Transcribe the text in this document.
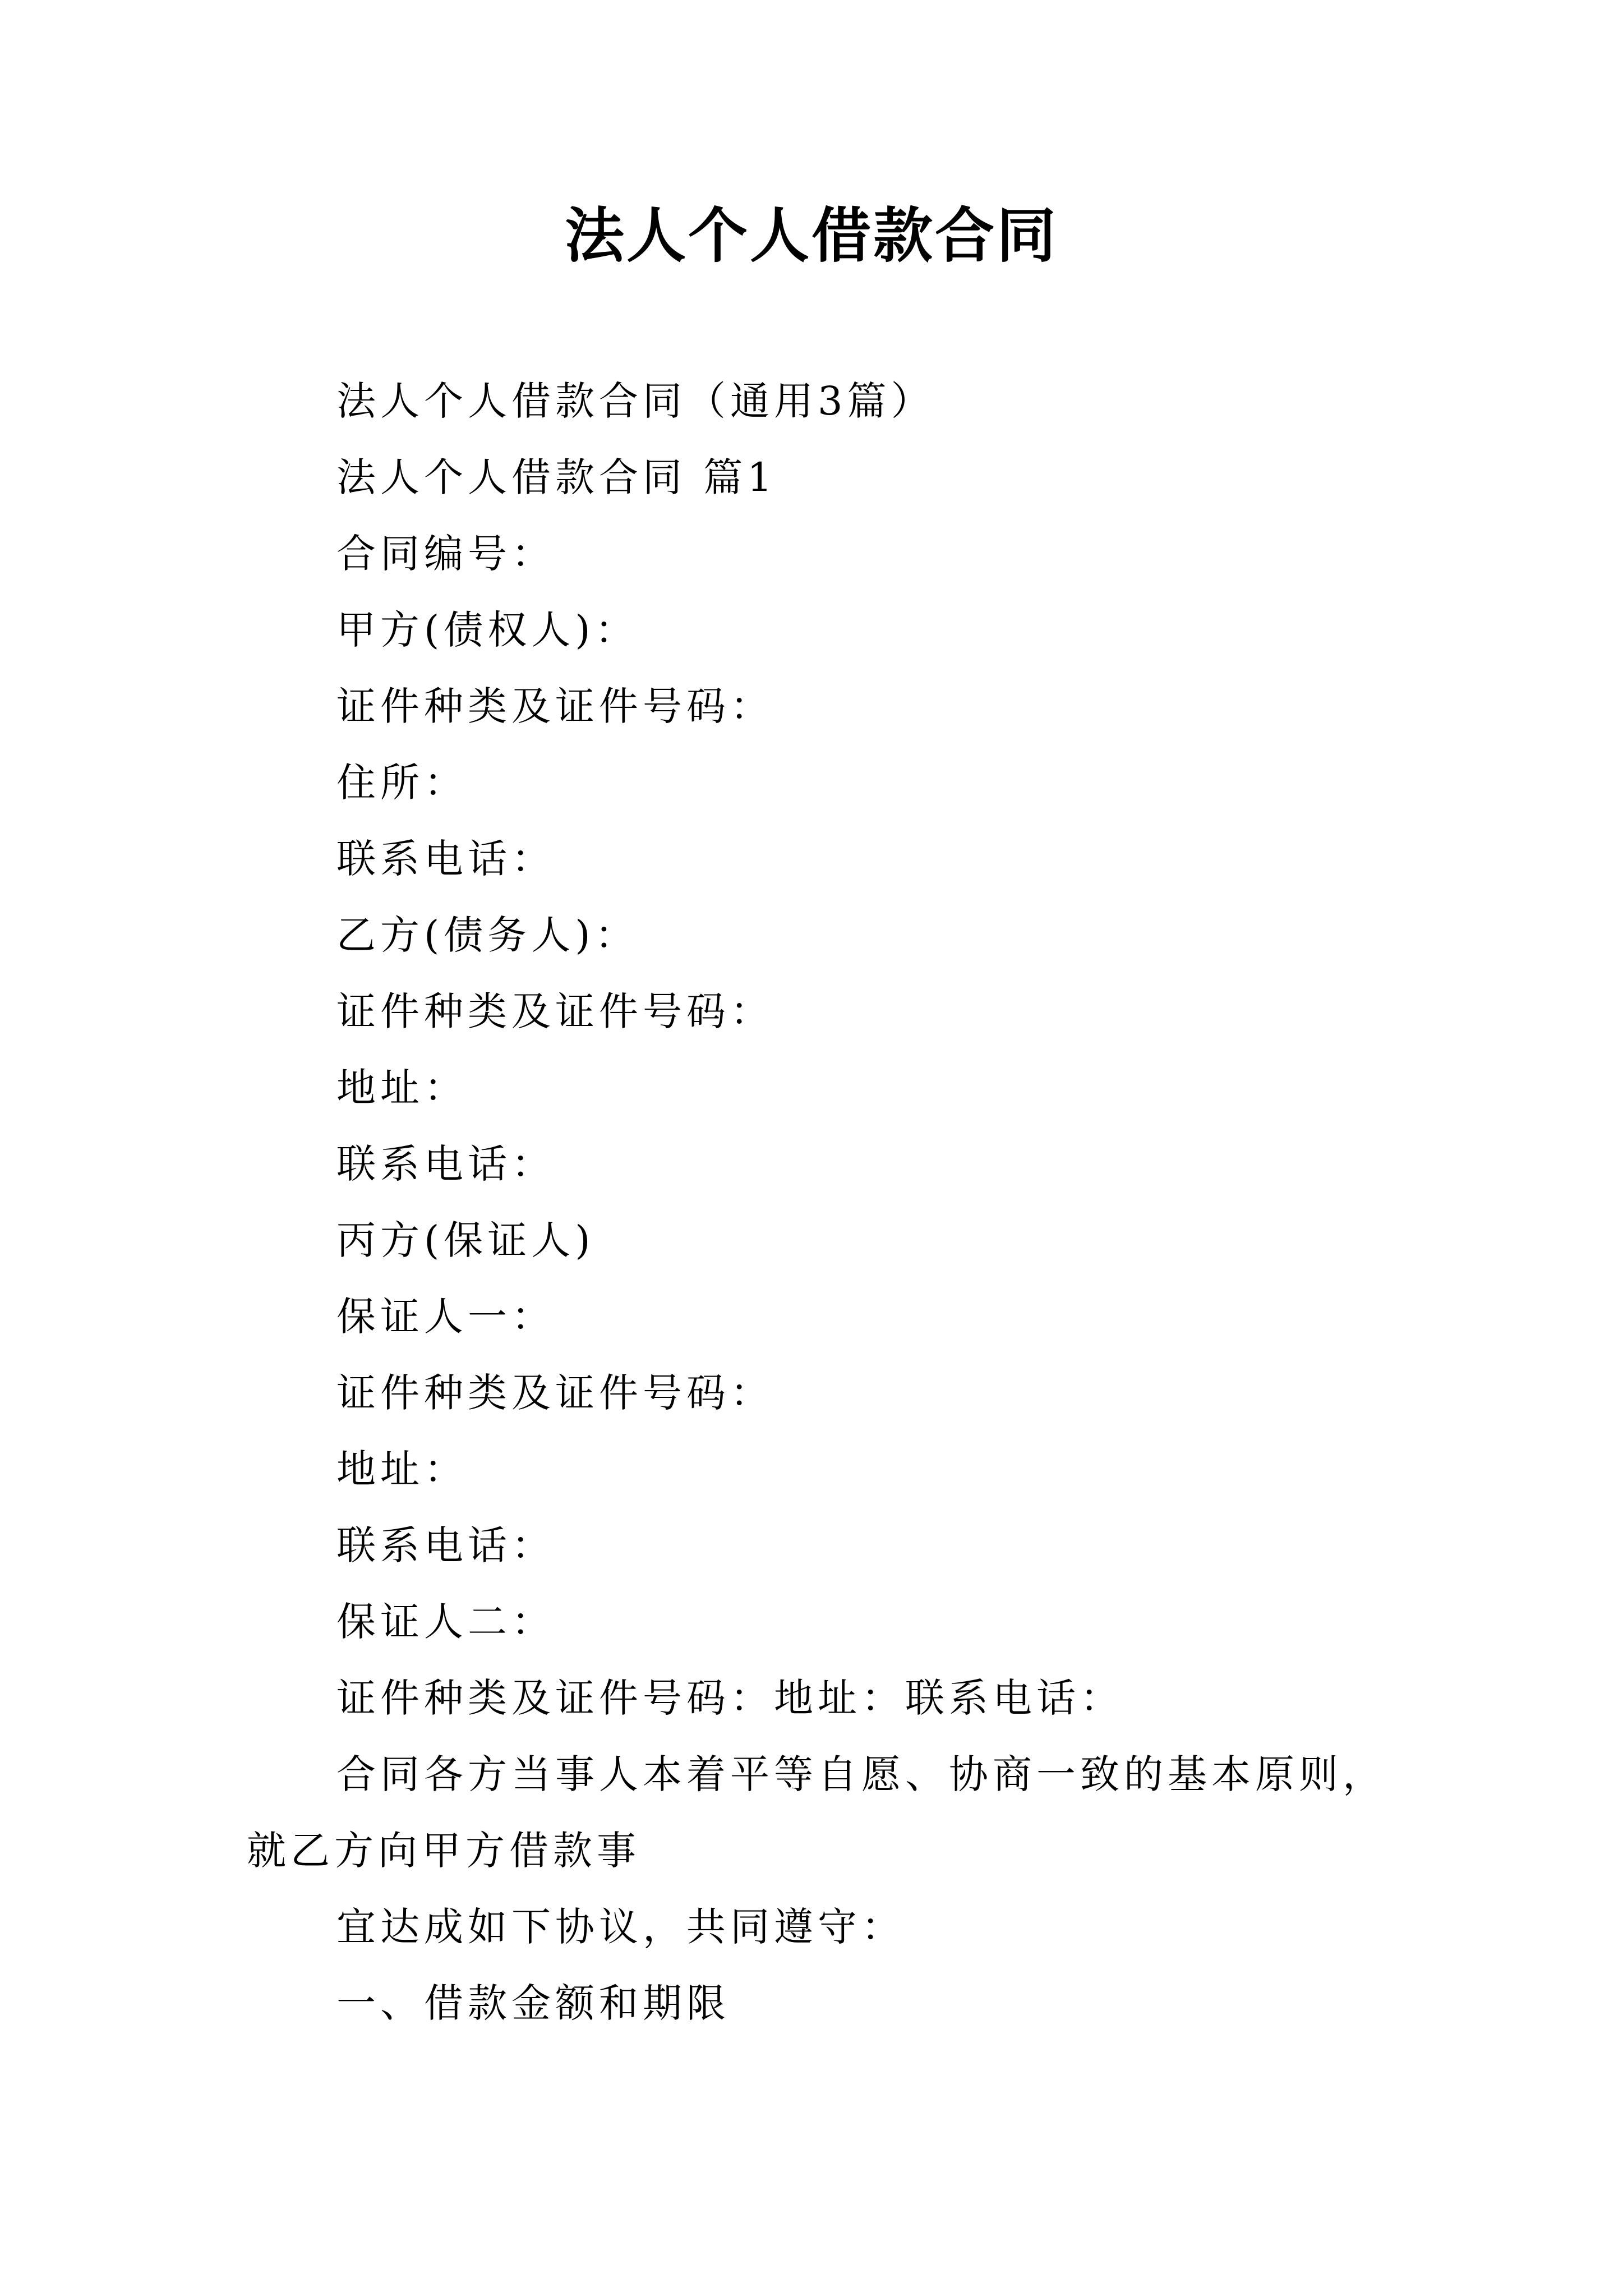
法人个人借款合同
法人个人借款合同（通用3篇）
法人个人借款合同 篇1
合同编号：
甲方(债权人)：
证件种类及证件号码：
住所：
联系电话：
乙方(债务人)：
证件种类及证件号码：
地址：
联系电话：
丙方(保证人)
保证人一：
证件种类及证件号码：
地址：
联系电话：
保证人二：
证件种类及证件号码：地址：联系电话：
合同各方当事人本着平等自愿、协商一致的基本原则，
就乙方向甲方借款事
宜达成如下协议，共同遵守：
一、借款金额和期限
